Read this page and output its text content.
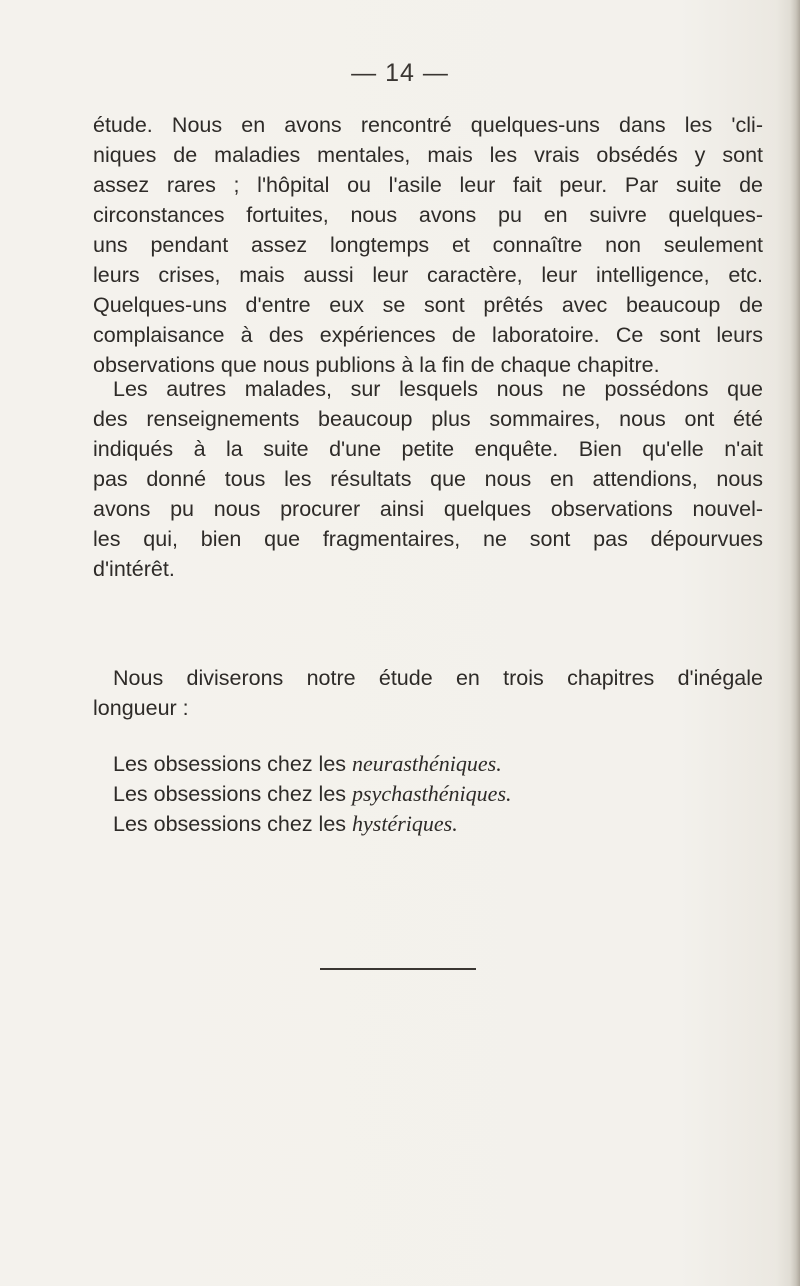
— 14 —
étude. Nous en avons rencontré quelques-uns dans les 'cli-
niques de maladies mentales, mais les vrais obsédés y sont
assez rares ; l'hôpital ou l'asile leur fait peur. Par suite de
circonstances fortuites, nous avons pu en suivre quelques-
uns pendant assez longtemps et connaître non seulement
leurs crises, mais aussi leur caractère, leur intelligence, etc.
Quelques-uns d'entre eux se sont prêtés avec beaucoup de
complaisance à des expériences de laboratoire. Ce sont leurs
observations que nous publions à la fin de chaque chapitre.
Les autres malades, sur lesquels nous ne possédons que
des renseignements beaucoup plus sommaires, nous ont été
indiqués à la suite d'une petite enquête. Bien qu'elle n'ait
pas donné tous les résultats que nous en attendions, nous
avons pu nous procurer ainsi quelques observations nouvel-
les qui, bien que fragmentaires, ne sont pas dépourvues
d'intérêt.
Nous diviserons notre étude en trois chapitres d'inégale
longueur :
Les obsessions chez les neurasthéniques.
Les obsessions chez les psychasthéniques.
Les obsessions chez les hystériques.
